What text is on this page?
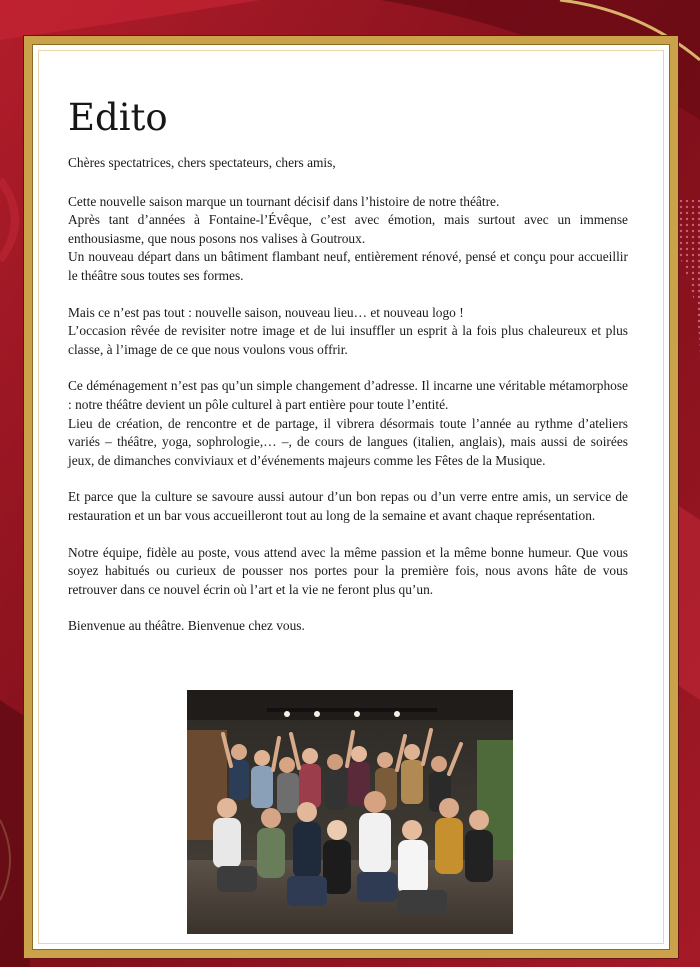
Edito

Chères spectatrices, chers spectateurs, chers amis,

Cette nouvelle saison marque un tournant décisif dans l’histoire de notre théâtre.
Après tant d’années à Fontaine-l’Évêque, c’est avec émotion, mais surtout avec un immense enthousiasme, que nous posons nos valises à Goutroux.
Un nouveau départ dans un bâtiment flambant neuf, entièrement rénové, pensé et conçu pour accueillir le théâtre sous toutes ses formes.

Mais ce n’est pas tout : nouvelle saison, nouveau lieu… et nouveau logo !
L’occasion rêvée de revisiter notre image et de lui insuffler un esprit à la fois plus chaleureux et plus classe, à l’image de ce que nous voulons vous offrir.

Ce déménagement n’est pas qu’un simple changement d’adresse. Il incarne une véritable métamorphose : notre théâtre devient un pôle culturel à part entière pour toute l’entité.
Lieu de création, de rencontre et de partage, il vibrera désormais toute l’année au rythme d’ateliers variés – théâtre, yoga, sophrologie,… –, de cours de langues (italien, anglais), mais aussi de soirées jeux, de dimanches conviviaux et d’événements majeurs comme les Fêtes de la Musique.

Et parce que la culture se savoure aussi autour d’un bon repas ou d’un verre entre amis, un service de restauration et un bar vous accueilleront tout au long de la semaine et avant chaque représentation.

Notre équipe, fidèle au poste, vous attend avec la même passion et la même bonne humeur. Que vous soyez habitués ou curieux de pousser nos portes pour la première fois, nous avons hâte de vous retrouver dans ce nouvel écrin où l’art et la vie ne feront plus qu’un.

Bienvenue au théâtre. Bienvenue chez vous.
